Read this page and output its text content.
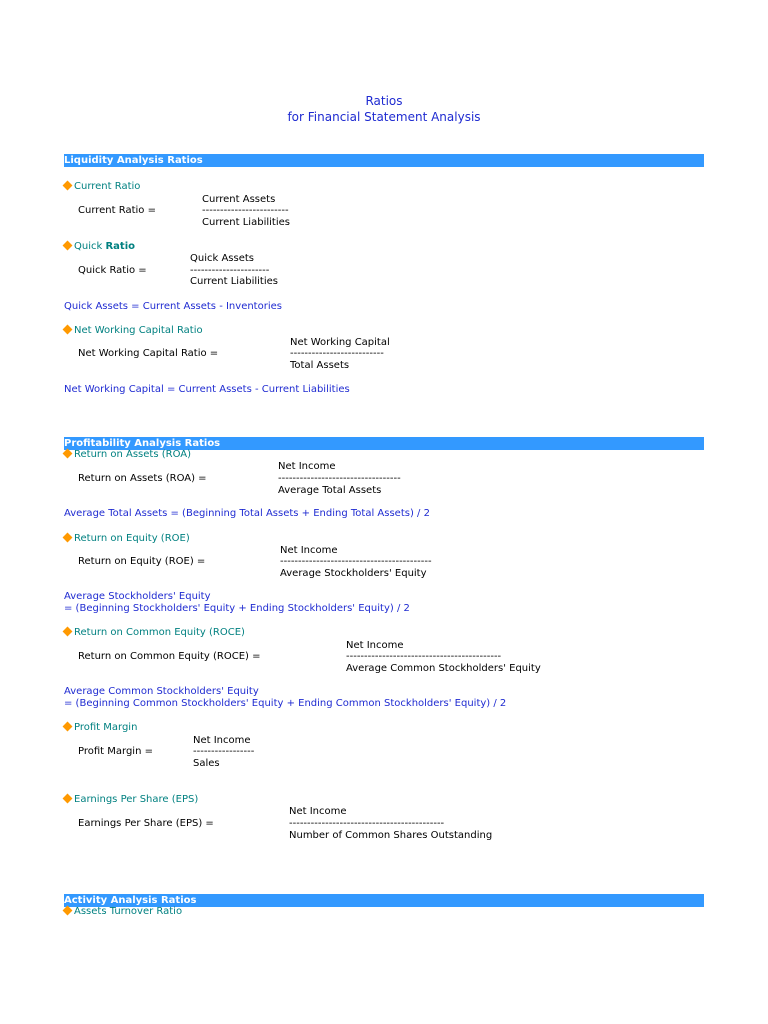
Ratios
for Financial Statement Analysis
Liquidity Analysis Ratios
Current Ratio
Current Ratio =
Current Assets
------------------------
Current Liabilities
Quick Ratio
Quick Ratio =
Quick Assets
----------------------
Current Liabilities
Quick Assets = Current Assets - Inventories
Net Working Capital Ratio
Net Working Capital Ratio =
Net Working Capital
--------------------------
Total Assets
Net Working Capital = Current Assets - Current Liabilities
Profitability Analysis Ratios
Return on Assets (ROA)
Return on Assets (ROA) =
Net Income
----------------------------------
Average Total Assets
Average Total Assets = (Beginning Total Assets + Ending Total Assets) / 2
Return on Equity (ROE)
Return on Equity (ROE) =
Net Income
------------------------------------------
Average Stockholders' Equity
Average Stockholders' Equity
= (Beginning Stockholders' Equity + Ending Stockholders' Equity) / 2
Return on Common Equity (ROCE)
Return on Common Equity (ROCE) =
Net Income
-------------------------------------------
Average Common Stockholders' Equity
Average Common Stockholders' Equity
= (Beginning Common Stockholders' Equity + Ending Common Stockholders' Equity) / 2
Profit Margin
Profit Margin =
Net Income
-----------------
Sales
Earnings Per Share (EPS)
Earnings Per Share (EPS) =
Net Income
-------------------------------------------
Number of Common Shares Outstanding
Activity Analysis Ratios
Assets Turnover Ratio
